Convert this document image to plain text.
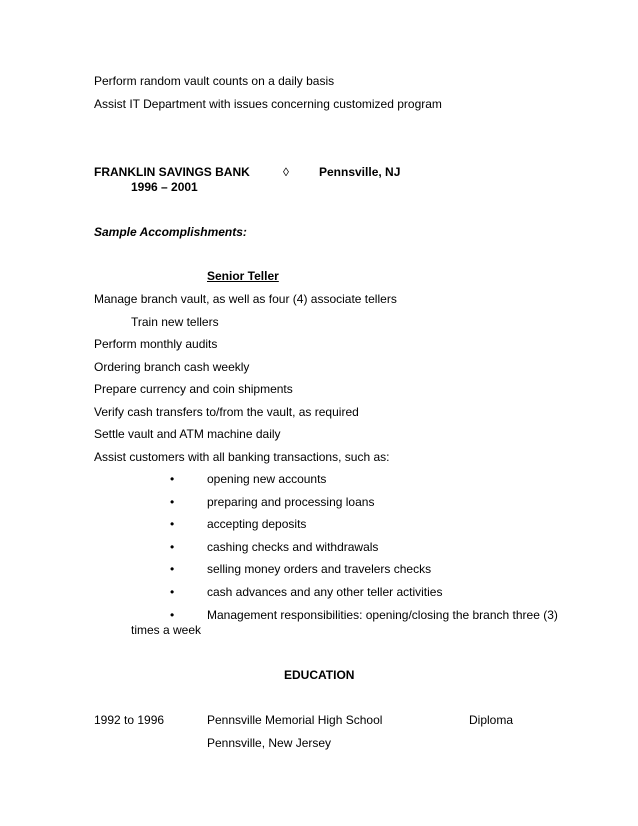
Perform random vault counts on a daily basis
Assist IT Department with issues concerning customized program
FRANKLIN SAVINGS BANK	◊	Pennsville, NJ
1996 – 2001
Sample Accomplishments:
Senior Teller
Manage branch vault, as well as four (4) associate tellers
Train new tellers
Perform monthly audits
Ordering branch cash weekly
Prepare currency and coin shipments
Verify cash transfers to/from the vault, as required
Settle vault and ATM machine daily
Assist customers with all banking transactions, such as:
•	opening new accounts
•	preparing and processing loans
•	accepting deposits
•	cashing checks and withdrawals
•	selling money orders and travelers checks
•	cash advances and any other teller activities
•	Management responsibilities: opening/closing the branch three (3)
times a week
EDUCATION
1992 to 1996	Pennsville Memorial High School	Diploma
Pennsville, New Jersey
